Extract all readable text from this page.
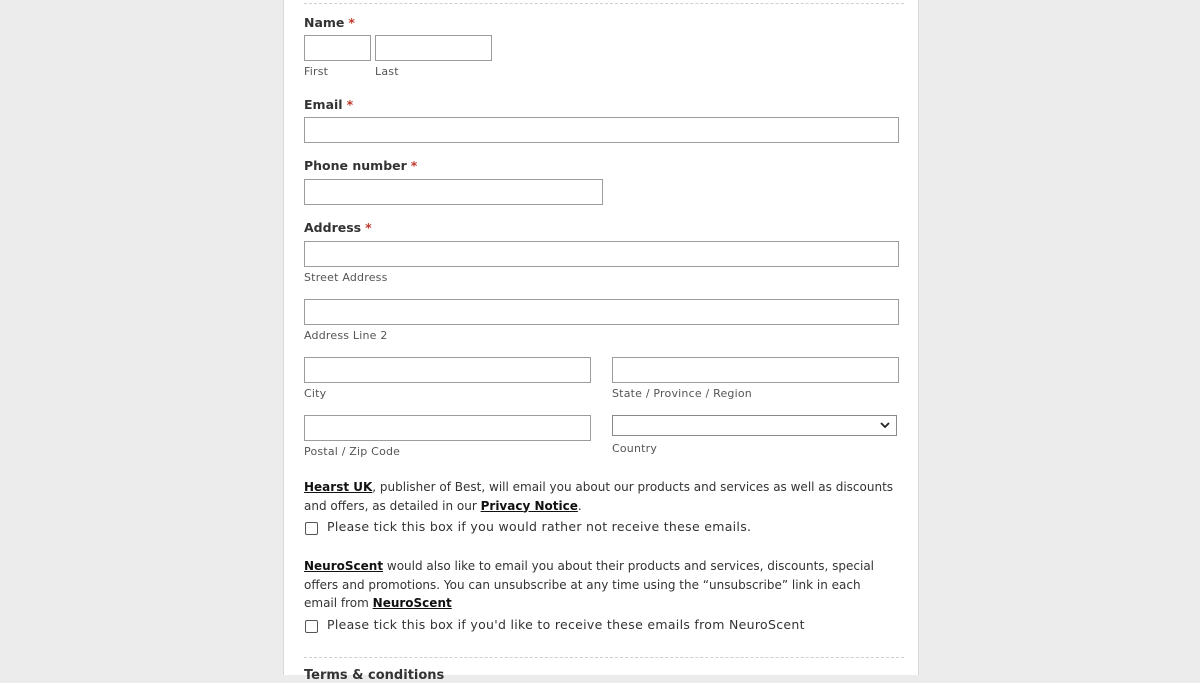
Name *
First	Last
Email *
Phone number *
Address *
Street Address
Address Line 2
City	State / Province / Region
Postal / Zip Code	Country
Hearst UK, publisher of Best, will email you about our products and services as well as discounts and offers, as detailed in our Privacy Notice.
Please tick this box if you would rather not receive these emails.
NeuroScent would also like to email you about their products and services, discounts, special offers and promotions. You can unsubscribe at any time using the “unsubscribe” link in each email from NeuroScent
Please tick this box if you'd like to receive these emails from NeuroScent
Terms & conditions
